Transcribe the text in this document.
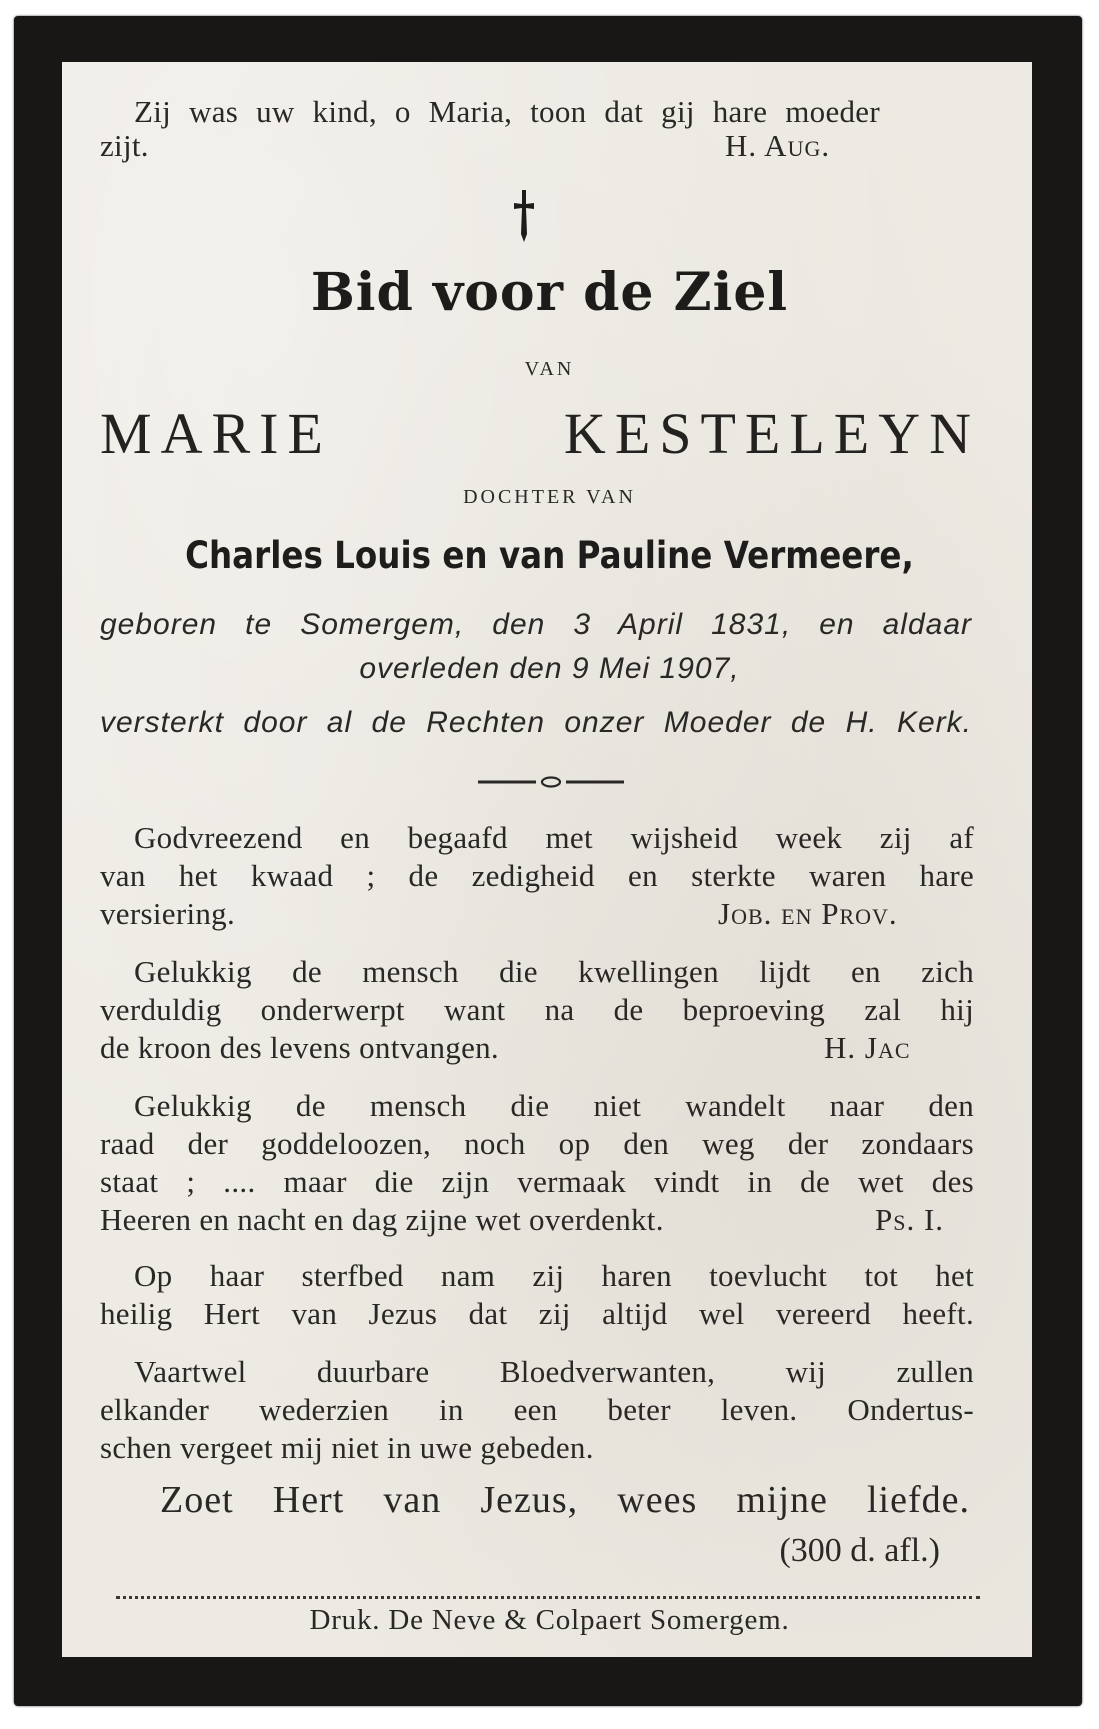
Zij was uw kind, o Maria, toon dat gij hare moeder
zijt.	H. Aug.
Bid voor de Ziel
VAN
MARIE KESTELEYN
DOCHTER VAN
Charles Louis en van Pauline Vermeere,
geboren te Somergem, den 3 April 1831, en aldaar
overleden den 9 Mei 1907,
versterkt door al de Rechten onzer Moeder de H. Kerk.
Godvreezend en begaafd met wijsheid week zij af
van het kwaad ; de zedigheid en sterkte waren hare
versiering.	Job. en Prov.
Gelukkig de mensch die kwellingen lijdt en zich
verduldig onderwerpt want na de beproeving zal hij
de kroon des levens ontvangen.	H. Jac
Gelukkig de mensch die niet wandelt naar den
raad der goddeloozen, noch op den weg der zondaars
staat ; .... maar die zijn vermaak vindt in de wet des
Heeren en nacht en dag zijne wet overdenkt.	Ps. I.
Op haar sterfbed nam zij haren toevlucht tot het
heilig Hert van Jezus dat zij altijd wel vereerd heeft.
Vaartwel duurbare Bloedverwanten, wij zullen
elkander wederzien in een beter leven. Ondertus-
schen vergeet mij niet in uwe gebeden.
Zoet Hert van Jezus, wees mijne liefde.
(300 d. afl.)
Druk. De Neve & Colpaert Somergem.
